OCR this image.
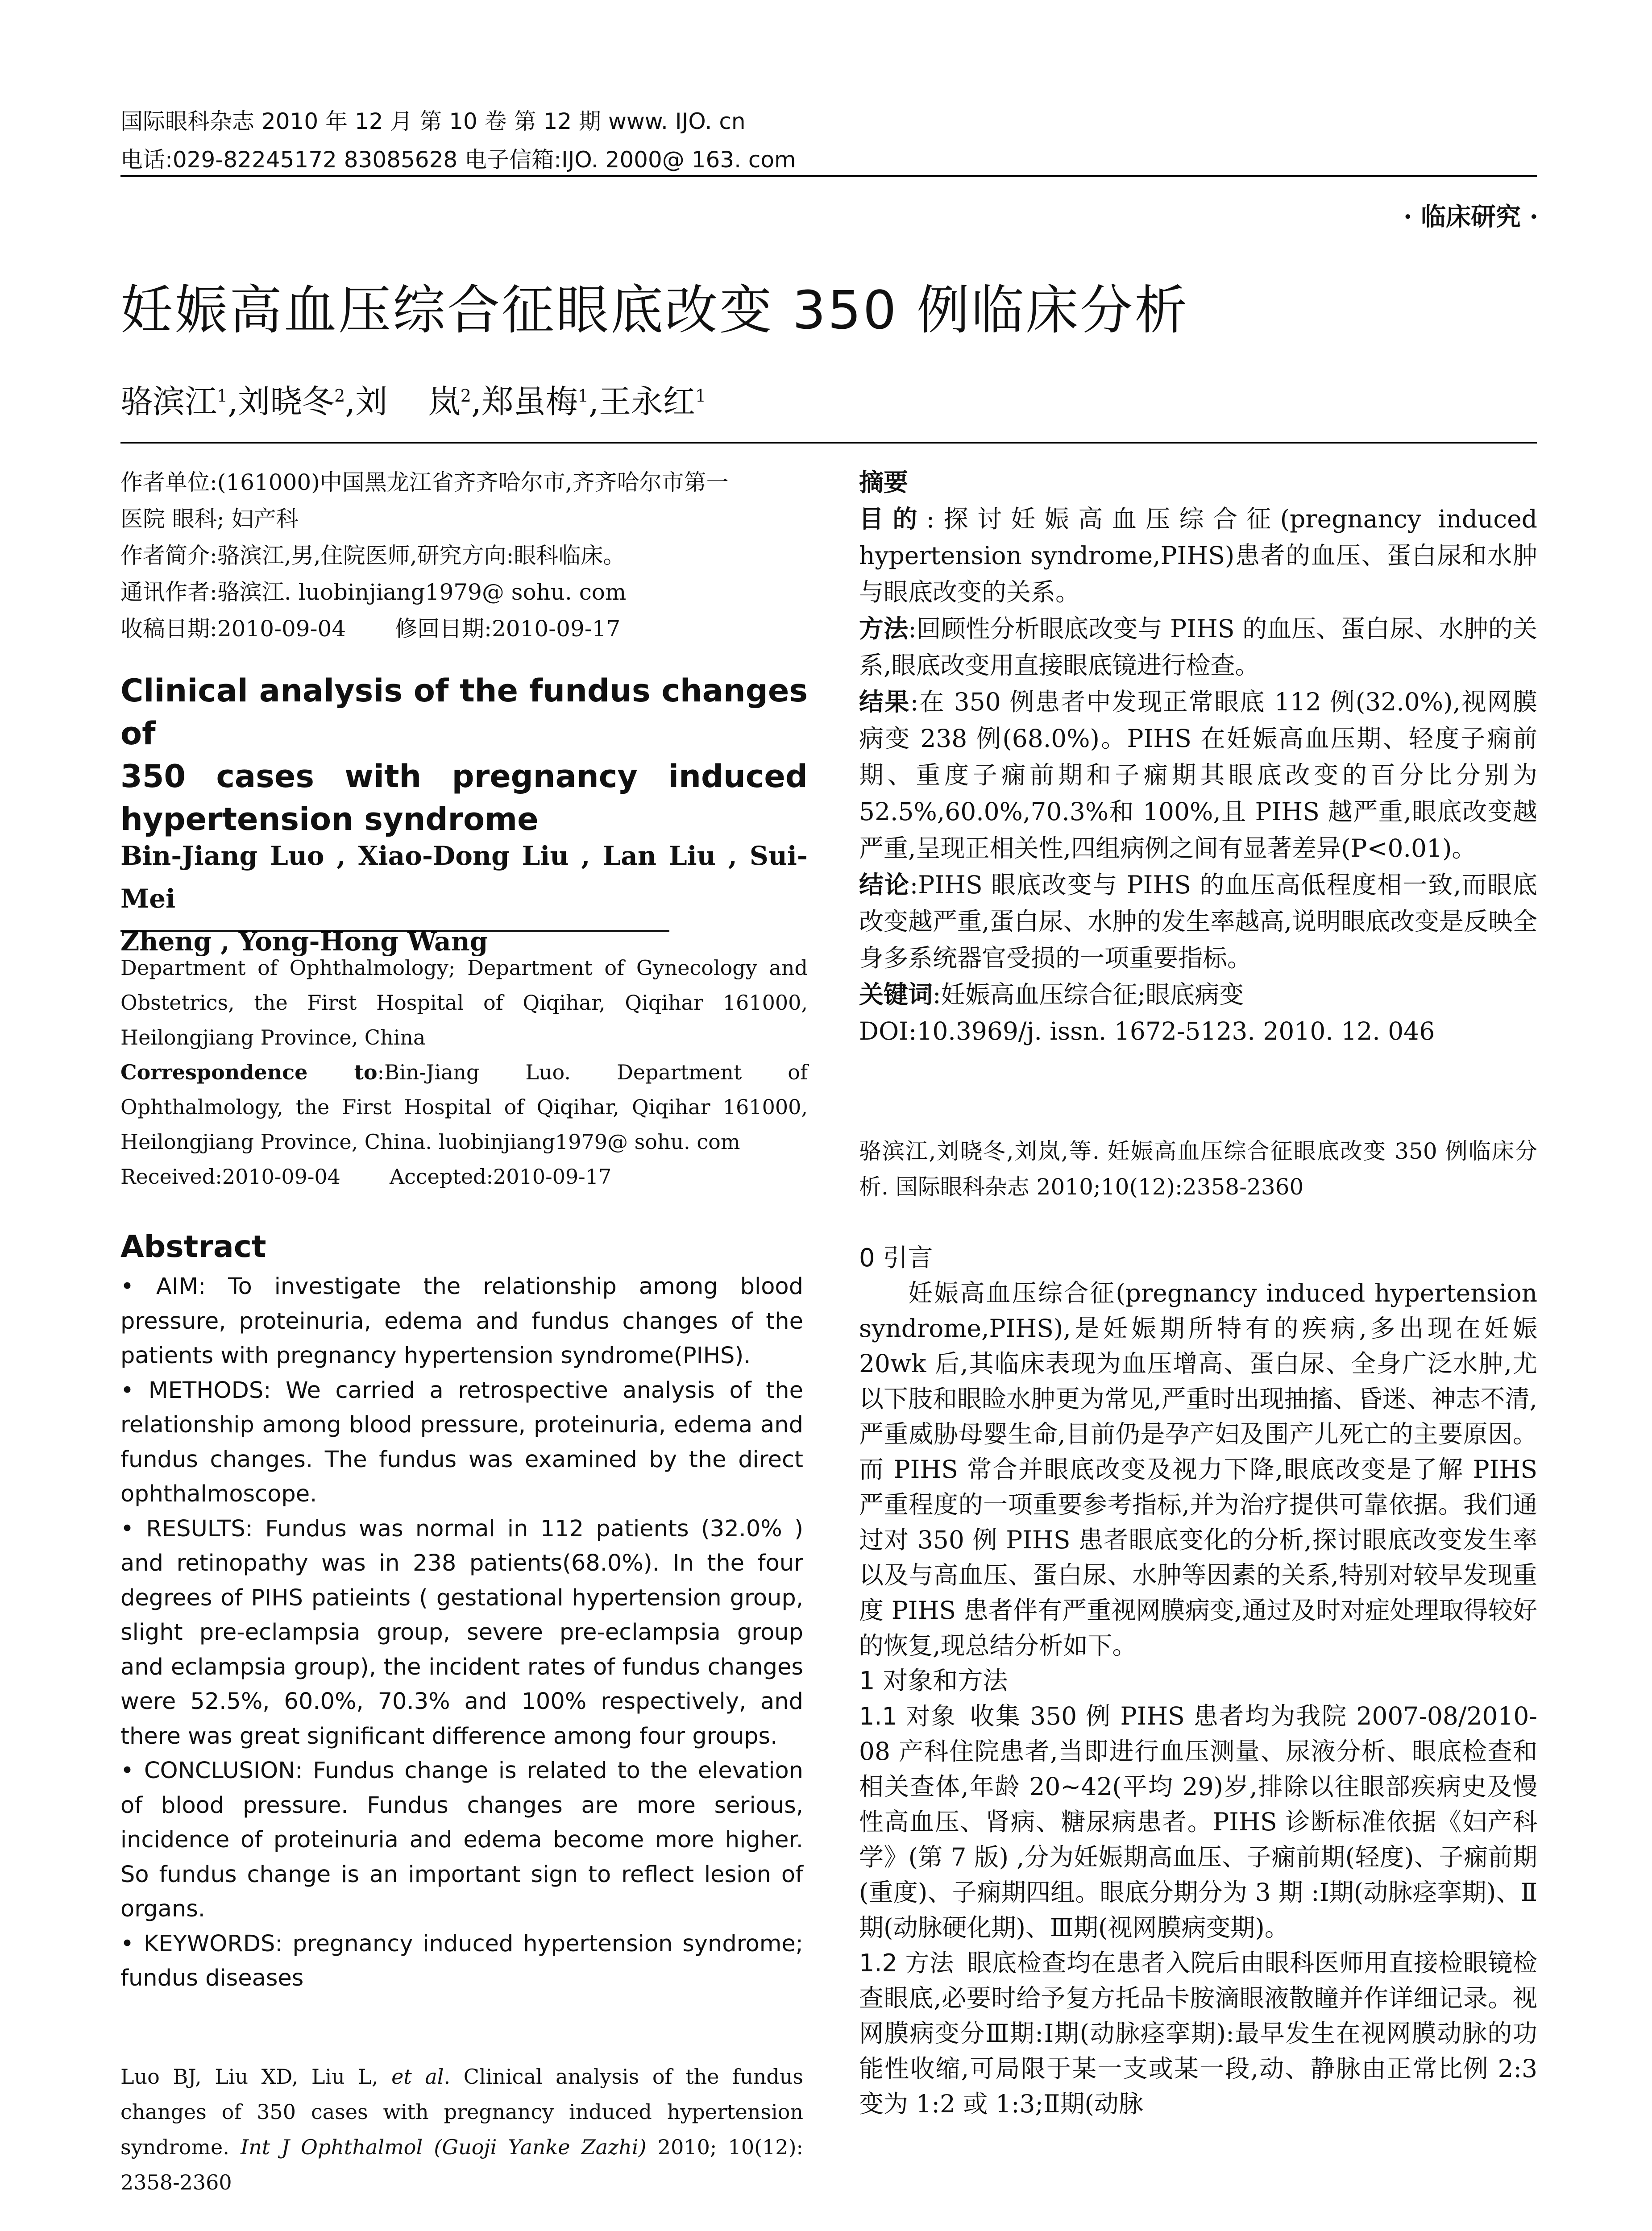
国际眼科杂志 2010 年 12 月 第 10 卷 第 12 期 www. IJO. cn
电话:029-82245172 83085628 电子信箱:IJO. 2000@ 163. com
· 临床研究 ·
妊娠高血压综合征眼底改变 350 例临床分析
骆滨江$^1$,刘晓冬$^2$,刘    岚$^2$,郑虽梅$^1$,王永红$^1$
作者单位:(161000)中国黑龙江省齐齐哈尔市,齐齐哈尔市第一
医院 眼科; 妇产科
作者简介:骆滨江,男,住院医师,研究方向:眼科临床。
通讯作者:骆滨江. luobinjiang1979@ sohu. com
收稿日期:2010-09-04 修回日期:2010-09-17
Clinical analysis of the fundus changes of
350 cases with pregnancy induced
hypertension syndrome
Bin-Jiang Luo , Xiao-Dong Liu , Lan Liu , Sui-Mei
Zheng , Yong-Hong Wang
Department of Ophthalmology; Department of Gynecology and Obstetrics, the First Hospital of Qiqihar, Qiqihar 161000, Heilongjiang Province, China
Correspondence to:Bin-Jiang Luo. Department of Ophthalmology, the First Hospital of Qiqihar, Qiqihar 161000, Heilongjiang Province, China. luobinjiang1979@ sohu. com
Received:2010-09-04 Accepted:2010-09-17
Abstract

• AIM: To investigate the relationship among blood pressure, proteinuria, edema and fundus changes of the patients with pregnancy hypertension syndrome(PIHS).

• METHODS: We carried a retrospective analysis of the relationship among blood pressure, proteinuria, edema and fundus changes. The fundus was examined by the direct ophthalmoscope.

• RESULTS: Fundus was normal in 112 patients (32.0% ) and retinopathy was in 238 patients(68.0%). In the four degrees of PIHS patieints ( gestational hypertension group, slight pre-eclampsia group, severe pre-eclampsia group and eclampsia group), the incident rates of fundus changes were 52.5%, 60.0%, 70.3% and 100% respectively, and there was great significant difference among four groups.

• CONCLUSION: Fundus change is related to the elevation of blood pressure. Fundus changes are more serious, incidence of proteinuria and edema become more higher. So fundus change is an important sign to reflect lesion of organs.

• KEYWORDS: pregnancy induced hypertension syndrome; fundus diseases

Luo BJ, Liu XD, Liu L, et al. Clinical analysis of the fundus changes of 350 cases with pregnancy induced hypertension syndrome. Int J Ophthalmol (Guoji Yanke Zazhi) 2010; 10(12): 2358-2360

摘要

目的:探讨妊娠高血压综合征(pregnancy induced hypertension syndrome,PIHS)患者的血压、蛋白尿和水肿与眼底改变的关系。

方法:回顾性分析眼底改变与 PIHS 的血压、蛋白尿、水肿的关系,眼底改变用直接眼底镜进行检查。

结果:在 350 例患者中发现正常眼底 112 例(32.0%),视网膜病变 238 例(68.0%)。PIHS 在妊娠高血压期、轻度子痫前期、重度子痫前期和子痫期其眼底改变的百分比分别为 52.5%,60.0%,70.3%和 100%,且 PIHS 越严重,眼底改变越严重,呈现正相关性,四组病例之间有显著差异(P<0.01)。

结论:PIHS 眼底改变与 PIHS 的血压高低程度相一致,而眼底改变越严重,蛋白尿、水肿的发生率越高,说明眼底改变是反映全身多系统器官受损的一项重要指标。

关键词:妊娠高血压综合征;眼底病变

DOI:10.3969/j. issn. 1672-5123. 2010. 12. 046

骆滨江,刘晓冬,刘岚,等. 妊娠高血压综合征眼底改变 350 例临床分析. 国际眼科杂志 2010;10(12):2358-2360

0 引言

妊娠高血压综合征(pregnancy induced hypertension syndrome,PIHS),是妊娠期所特有的疾病,多出现在妊娠20wk 后,其临床表现为血压增高、蛋白尿、全身广泛水肿,尤以下肢和眼睑水肿更为常见,严重时出现抽搐、昏迷、神志不清,严重威胁母婴生命,目前仍是孕产妇及围产儿死亡的主要原因。而 PIHS 常合并眼底改变及视力下降,眼底改变是了解 PIHS 严重程度的一项重要参考指标,并为治疗提供可靠依据。我们通过对 350 例 PIHS 患者眼底变化的分析,探讨眼底改变发生率以及与高血压、蛋白尿、水肿等因素的关系,特别对较早发现重度 PIHS 患者伴有严重视网膜病变,通过及时对症处理取得较好的恢复,现总结分析如下。

1 对象和方法

1.1 对象 收集 350 例 PIHS 患者均为我院 2007-08/2010-08 产科住院患者,当即进行血压测量、尿液分析、眼底检查和相关查体,年龄 20~42(平均 29)岁,排除以往眼部疾病史及慢性高血压、肾病、糖尿病患者。PIHS 诊断标准依据《妇产科学》(第 7 版) ,分为妊娠期高血压、子痫前期(轻度)、子痫前期(重度)、子痫期四组。眼底分期分为 3 期 :Ⅰ期(动脉痉挛期)、Ⅱ期(动脉硬化期)、Ⅲ期(视网膜病变期)。

1.2 方法 眼底检查均在患者入院后由眼科医师用直接检眼镜检查眼底,必要时给予复方托品卡胺滴眼液散瞳并作详细记录。视网膜病变分Ⅲ期:Ⅰ期(动脉痉挛期):最早发生在视网膜动脉的功能性收缩,可局限于某一支或某一段,动、静脉由正常比例 2:3 变为 1:2 或 1:3;Ⅱ期(动脉
